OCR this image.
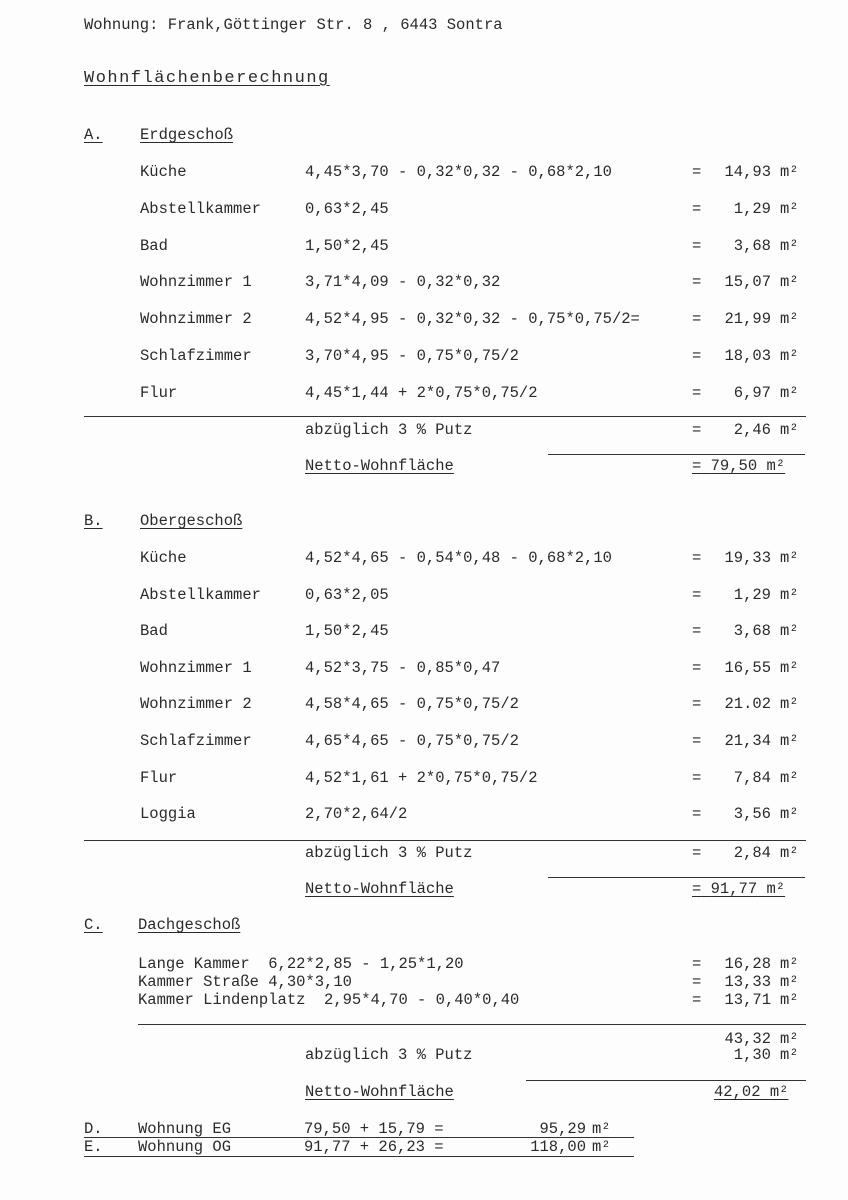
Wohnung: Frank,Göttinger Str. 8 , 6443 Sontra
Wohnflächenberechnung
A. Erdgeschoß
Küche	4,45*3,70 - 0,32*0,32 - 0,68*2,10	=	14,93 m²
Abstellkammer	0,63*2,45	=	1,29 m²
Bad	1,50*2,45	=	3,68 m²
Wohnzimmer 1	3,71*4,09 - 0,32*0,32	=	15,07 m²
Wohnzimmer 2	4,52*4,95 - 0,32*0,32 - 0,75*0,75/2=	=	21,99 m²
Schlafzimmer	3,70*4,95 - 0,75*0,75/2	=	18,03 m²
Flur	4,45*1,44 + 2*0,75*0,75/2	=	6,97 m²
abzüglich 3 % Putz	=	2,46 m²
Netto-Wohnfläche	= 79,50 m²
B. Obergeschoß
Küche	4,52*4,65 - 0,54*0,48 - 0,68*2,10	=	19,33 m²
Abstellkammer	0,63*2,05	=	1,29 m²
Bad	1,50*2,45	=	3,68 m²
Wohnzimmer 1	4,52*3,75 - 0,85*0,47	=	16,55 m²
Wohnzimmer 2	4,58*4,65 - 0,75*0,75/2	=	21.02 m²
Schlafzimmer	4,65*4,65 - 0,75*0,75/2	=	21,34 m²
Flur	4,52*1,61 + 2*0,75*0,75/2	=	7,84 m²
Loggia	2,70*2,64/2	=	3,56 m²
abzüglich 3 % Putz	=	2,84 m²
Netto-Wohnfläche	= 91,77 m²
C. Dachgeschoß
Lange Kammer  6,22*2,85 - 1,25*1,20	=	16,28 m²
Kammer Straße 4,30*3,10	=	13,33 m²
Kammer Lindenplatz  2,95*4,70 - 0,40*0,40	=	13,71 m²
43,32 m²
abzüglich 3 % Putz	1,30 m²
Netto-Wohnfläche	42,02 m²
D. Wohnung EG	79,50 + 15,79 =	95,29 m²
E. Wohnung OG	91,77 + 26,23 =	118,00 m²
